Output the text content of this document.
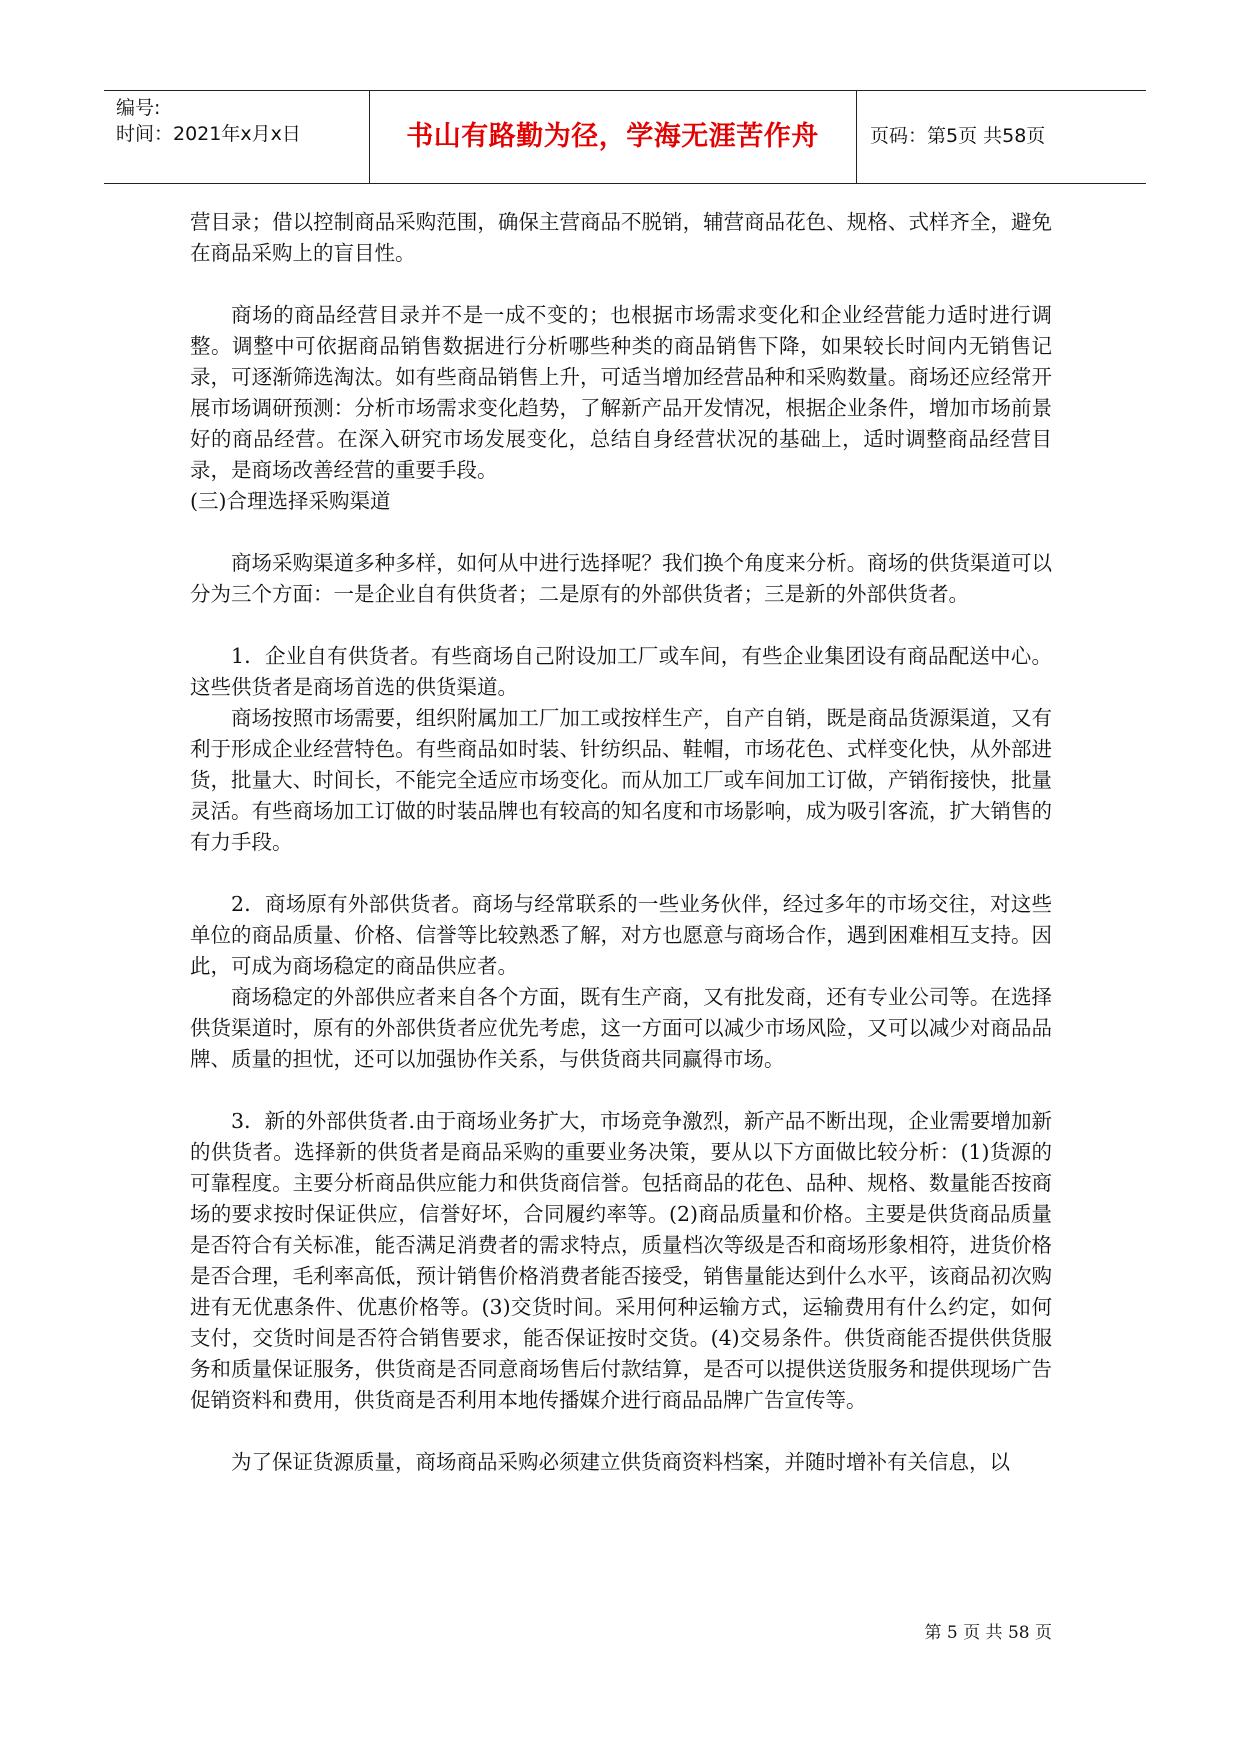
编号:
时间：2021年x月x日	书山有路勤为径，学海无涯苦作舟	页码：第5页 共58页

营目录；借以控制商品采购范围，确保主营商品不脱销，辅营商品花色、规格、式样齐全，避免在商品采购上的盲目性。

商场的商品经营目录并不是一成不变的；也根据市场需求变化和企业经营能力适时进行调整。调整中可依据商品销售数据进行分析哪些种类的商品销售下降，如果较长时间内无销售记录，可逐渐筛选淘汰。如有些商品销售上升，可适当增加经营品种和采购数量。商场还应经常开展市场调研预测：分析市场需求变化趋势，了解新产品开发情况，根据企业条件，增加市场前景好的商品经营。在深入研究市场发展变化，总结自身经营状况的基础上，适时调整商品经营目录，是商场改善经营的重要手段。

(三)合理选择采购渠道

商场采购渠道多种多样，如何从中进行选择呢？我们换个角度来分析。商场的供货渠道可以分为三个方面：一是企业自有供货者；二是原有的外部供货者；三是新的外部供货者。

1．企业自有供货者。有些商场自己附设加工厂或车间，有些企业集团设有商品配送中心。这些供货者是商场首选的供货渠道。

商场按照市场需要，组织附属加工厂加工或按样生产，自产自销，既是商品货源渠道，又有利于形成企业经营特色。有些商品如时装、针纺织品、鞋帽，市场花色、式样变化快，从外部进货，批量大、时间长，不能完全适应市场变化。而从加工厂或车间加工订做，产销衔接快，批量灵活。有些商场加工订做的时装品牌也有较高的知名度和市场影响，成为吸引客流，扩大销售的有力手段。

2．商场原有外部供货者。商场与经常联系的一些业务伙伴，经过多年的市场交往，对这些单位的商品质量、价格、信誉等比较熟悉了解，对方也愿意与商场合作，遇到困难相互支持。因此，可成为商场稳定的商品供应者。

商场稳定的外部供应者来自各个方面，既有生产商，又有批发商，还有专业公司等。在选择供货渠道时，原有的外部供货者应优先考虑，这一方面可以减少市场风险，又可以减少对商品品牌、质量的担忧，还可以加强协作关系，与供货商共同赢得市场。

3．新的外部供货者.由于商场业务扩大，市场竞争激烈，新产品不断出现，企业需要增加新的供货者。选择新的供货者是商品采购的重要业务决策，要从以下方面做比较分析：(1)货源的可靠程度。主要分析商品供应能力和供货商信誉。包括商品的花色、品种、规格、数量能否按商场的要求按时保证供应，信誉好坏，合同履约率等。(2)商品质量和价格。主要是供货商品质量是否符合有关标准，能否满足消费者的需求特点，质量档次等级是否和商场形象相符，进货价格是否合理，毛利率高低，预计销售价格消费者能否接受，销售量能达到什么水平，该商品初次购进有无优惠条件、优惠价格等。(3)交货时间。采用何种运输方式，运输费用有什么约定，如何支付，交货时间是否符合销售要求，能否保证按时交货。(4)交易条件。供货商能否提供供货服务和质量保证服务，供货商是否同意商场售后付款结算，是否可以提供送货服务和提供现场广告促销资料和费用，供货商是否利用本地传播媒介进行商品品牌广告宣传等。

为了保证货源质量，商场商品采购必须建立供货商资料档案，并随时增补有关信息，以

第 5 页 共 58 页
